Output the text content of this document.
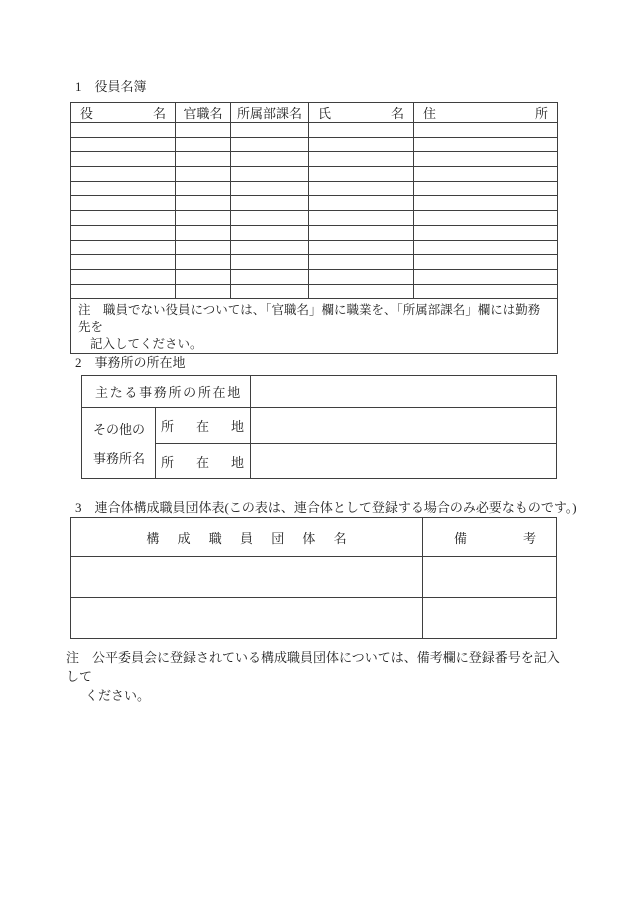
1　役員名簿
役 名	官職名	所属部課名	氏 名	住 所

注　職員でない役員については、「官職名」欄に職業を、「所属部課名」欄には勤務先を
記入してください。				
2　事務所の所在地
主たる事務所の所在地		

その他の
事務所名	所 在 地	

	所 在 地	

3　連合体構成職員団体表(この表は、連合体として登録する場合のみ必要なものです。)
構成職員団体名	備 考

注　公平委員会に登録されている構成職員団体については、備考欄に登録番号を記入して
ください。
